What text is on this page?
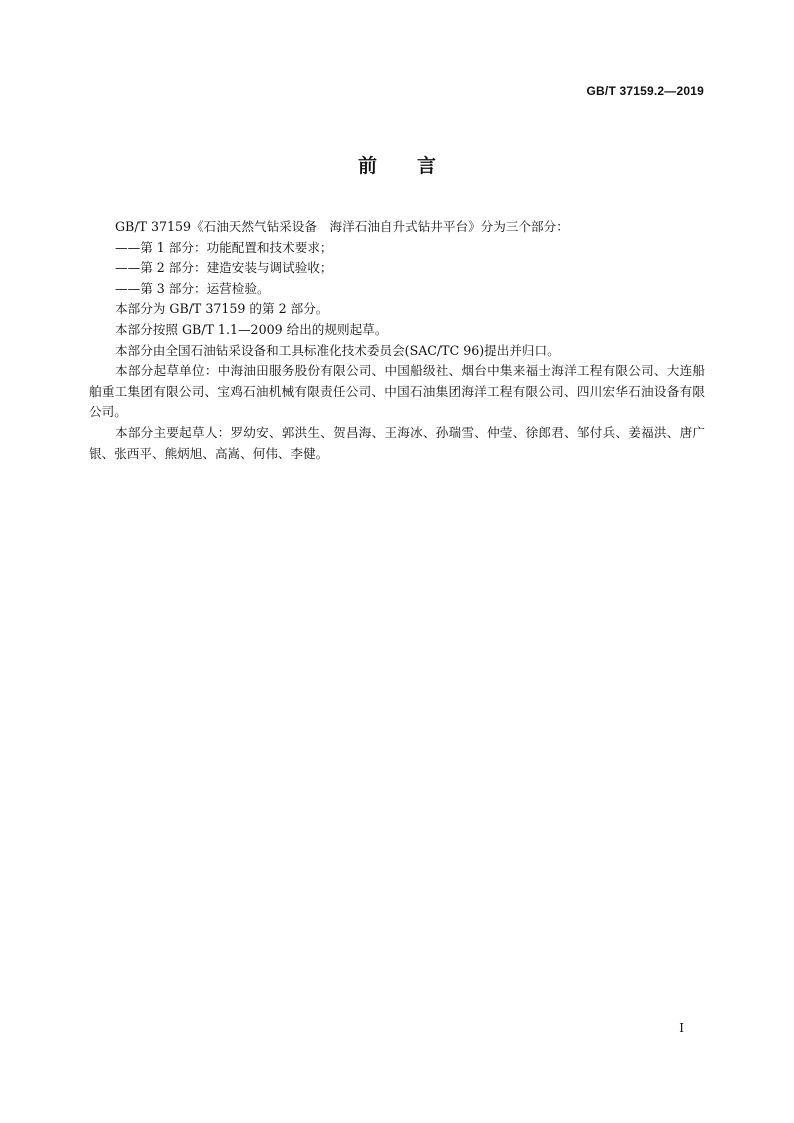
GB/T 37159.2—2019
前 言

GB/T 37159《石油天然气钻采设备　海洋石油自升式钻井平台》分为三个部分：

——第 1 部分：功能配置和技术要求；

——第 2 部分：建造安装与调试验收；

——第 3 部分：运营检验。

本部分为 GB/T 37159 的第 2 部分。

本部分按照 GB/T 1.1—2009 给出的规则起草。

本部分由全国石油钻采设备和工具标准化技术委员会(SAC/TC 96)提出并归口。

本部分起草单位：中海油田服务股份有限公司、中国船级社、烟台中集来福士海洋工程有限公司、大连船舶重工集团有限公司、宝鸡石油机械有限责任公司、中国石油集团海洋工程有限公司、四川宏华石油设备有限公司。

本部分主要起草人：罗幼安、郭洪生、贺昌海、王海冰、孙瑞雪、仲莹、徐郎君、邹付兵、姜福洪、唐广银、张西平、熊炳旭、高嵩、何伟、李健。

I
